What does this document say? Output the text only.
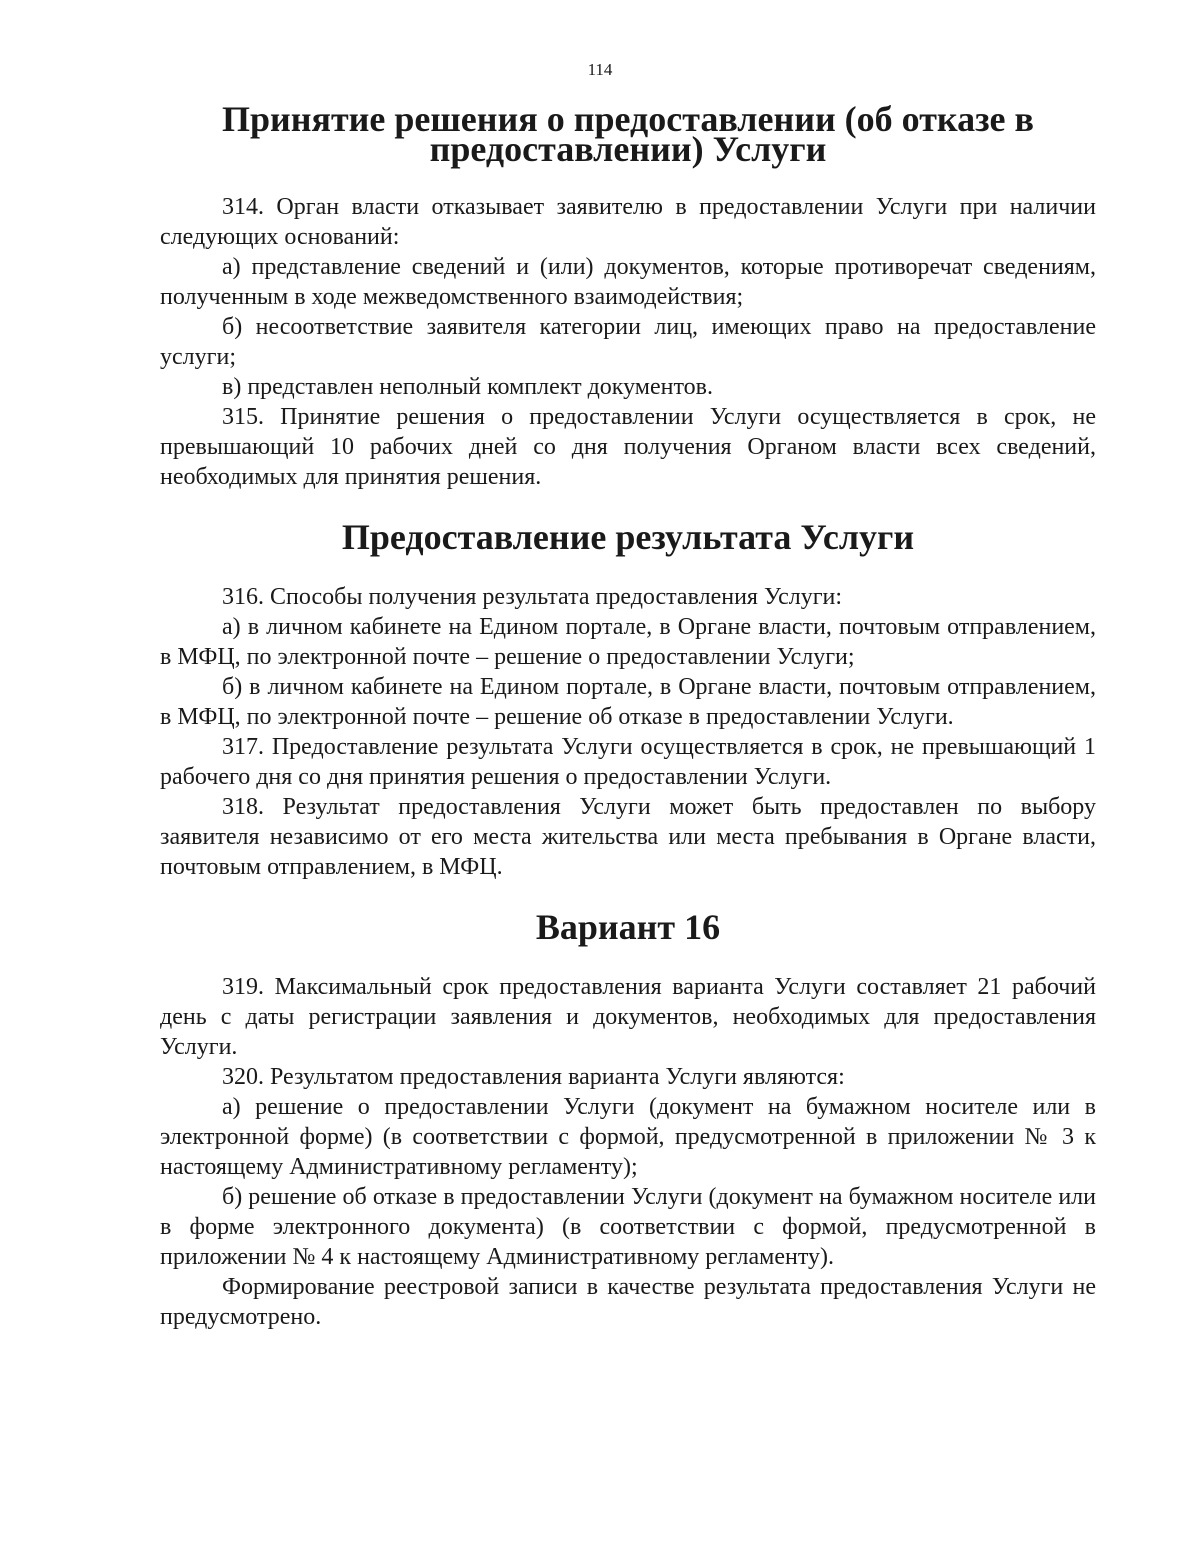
114
Принятие решения о предоставлении (об отказе в предоставлении) Услуги

314. Орган власти отказывает заявителю в предоставлении Услуги при наличии следующих оснований:

а) представление сведений и (или) документов, которые противоречат сведениям, полученным в ходе межведомственного взаимодействия;

б) несоответствие заявителя категории лиц, имеющих право на предоставление услуги;

в) представлен неполный комплект документов.

315. Принятие решения о предоставлении Услуги осуществляется в срок, не превышающий 10 рабочих дней со дня получения Органом власти всех сведений, необходимых для принятия решения.

Предоставление результата Услуги

316. Способы получения результата предоставления Услуги:

а) в личном кабинете на Едином портале, в Органе власти, почтовым отправлением, в МФЦ, по электронной почте – решение о предоставлении Услуги;

б) в личном кабинете на Едином портале, в Органе власти, почтовым отправлением, в МФЦ, по электронной почте – решение об отказе в предоставлении Услуги.

317. Предоставление результата Услуги осуществляется в срок, не превышающий 1 рабочего дня со дня принятия решения о предоставлении Услуги.

318. Результат предоставления Услуги может быть предоставлен по выбору заявителя независимо от его места жительства или места пребывания в Органе власти, почтовым отправлением, в МФЦ.

Вариант 16

319. Максимальный срок предоставления варианта Услуги составляет 21 рабочий день с даты регистрации заявления и документов, необходимых для предоставления Услуги.

320. Результатом предоставления варианта Услуги являются:

а) решение о предоставлении Услуги (документ на бумажном носителе или в электронной форме) (в соответствии с формой, предусмотренной в приложении № 3 к настоящему Административному регламенту);

б) решение об отказе в предоставлении Услуги (документ на бумажном носителе или в форме электронного документа) (в соответствии с формой, предусмотренной в приложении № 4 к настоящему Административному регламенту).

Формирование реестровой записи в качестве результата предоставления Услуги не предусмотрено.
